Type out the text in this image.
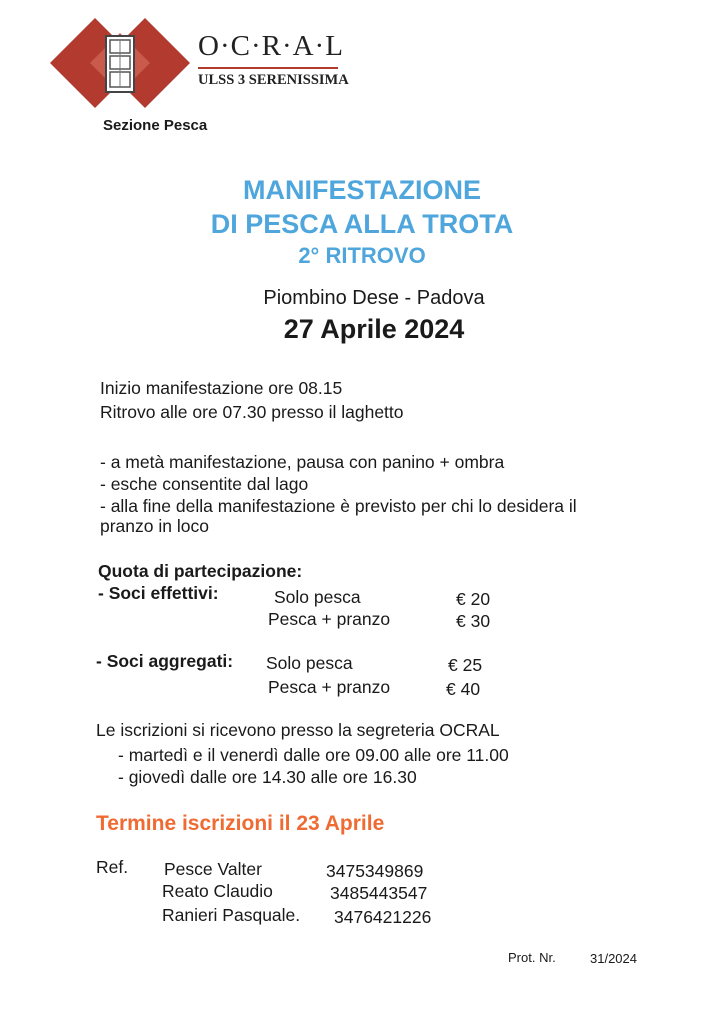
O·C·R·A·L
ULSS 3 SERENISSIMA
Sezione Pesca
MANIFESTAZIONE
DI PESCA ALLA TROTA
2° RITROVO
Piombino Dese - Padova
27 Aprile 2024
Inizio manifestazione ore 08.15
Ritrovo alle ore 07.30 presso il laghetto
- a metà manifestazione, pausa con panino + ombra
- esche consentite dal lago
- alla fine della manifestazione è previsto per chi lo desidera il
pranzo in loco
Quota di partecipazione:
- Soci effettivi:	Solo pesca	€ 20
Pesca + pranzo	€ 30
- Soci aggregati: Solo pesca	€ 25
Pesca + pranzo	€ 40
Le iscrizioni si ricevono presso la segreteria OCRAL
- martedì e il venerdì dalle ore 09.00 alle ore 11.00
- giovedì dalle ore 14.30 alle ore 16.30
Termine iscrizioni il 23 Aprile
Ref. Pesce Valter	3475349869
Reato Claudio	3485443547
Ranieri Pasquale. 3476421226
Prot. Nr.	31/2024
